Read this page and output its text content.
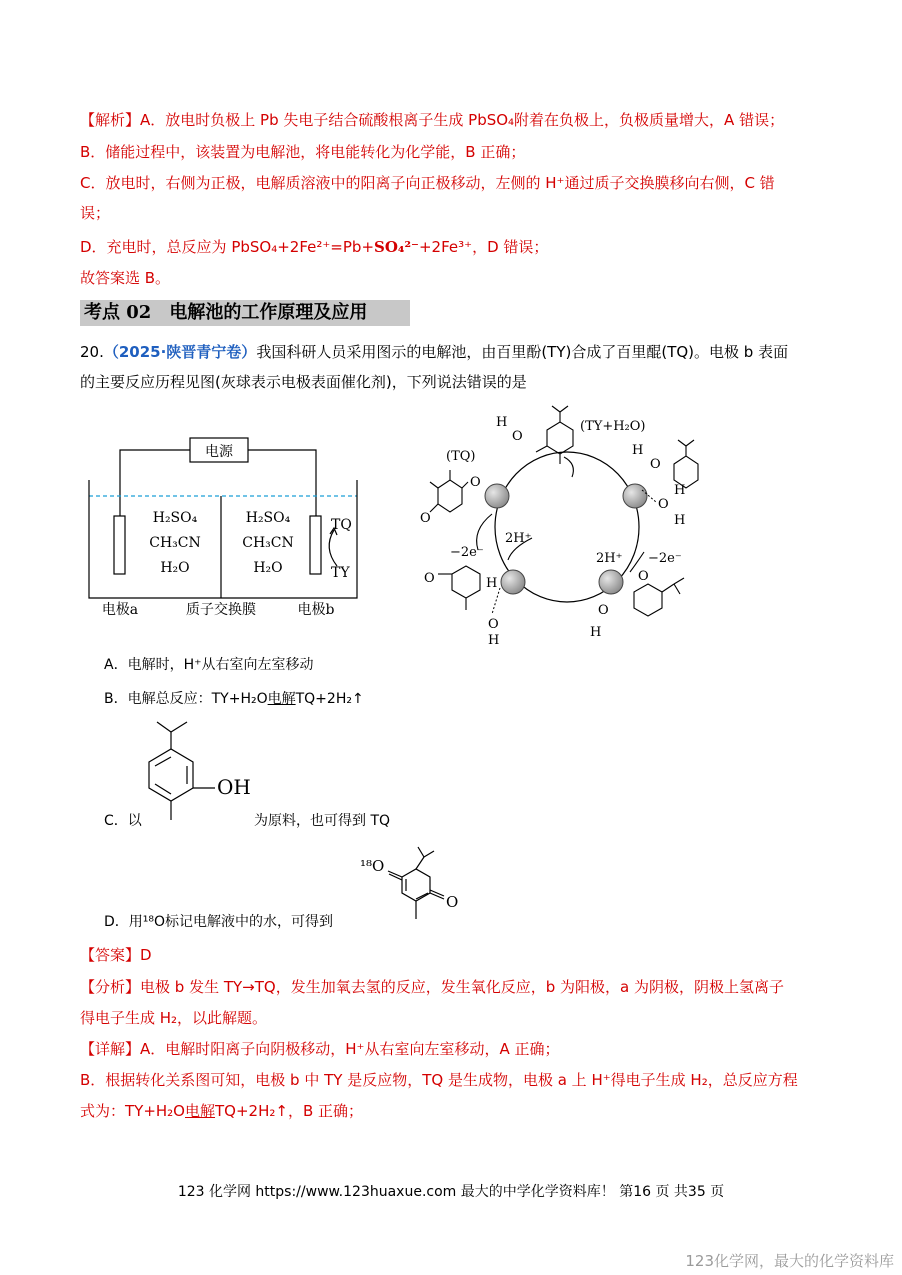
【解析】A．放电时负极上 Pb 失电子结合硫酸根离子生成 PbSO₄附着在负极上，负极质量增大，A 错误；
B．储能过程中，该装置为电解池，将电能转化为化学能，B 正确；
C．放电时，右侧为正极，电解质溶液中的阳离子向正极移动，左侧的 H⁺通过质子交换膜移向右侧，C 错
误；
D．充电时，总反应为 PbSO₄+2Fe²⁺=Pb+SO₄²⁻+2Fe³⁺，D 错误；
故答案选 B。
考点 02　电解池的工作原理及应用
20.（2025·陕晋青宁卷）我国科研人员采用图示的电解池，由百里酚(TY)合成了百里醌(TQ)。电极 b 表面
的主要反应历程见图(灰球表示电极表面催化剂)，下列说法错误的是
电源
H₂SO₄
CH₃CN
H₂O
H₂SO₄
CH₃CN
H₂O
TQ
TY
电极a	质子交换膜	电极b
H
O
(TY+H₂O)
(TQ)
O
O
−2e⁻
2H⁺
H
O
H
O
H
2H⁺ −2e⁻
O	H
O
H
O
O
H
A．电解时，H⁺从右室向左室移动
B．电解总反应：TY+H₂O电解TQ+2H₂↑
OH
C．以	为原料，也可得到 TQ
¹⁸O
O
D．用¹⁸O标记电解液中的水，可得到
【答案】D
【分析】电极 b 发生 TY→TQ，发生加氧去氢的反应，发生氧化反应，b 为阳极，a 为阴极，阴极上氢离子
得电子生成 H₂，以此解题。
【详解】A．电解时阳离子向阴极移动，H⁺从右室向左室移动，A 正确；
B．根据转化关系图可知，电极 b 中 TY 是反应物，TQ 是生成物，电极 a 上 H⁺得电子生成 H₂，总反应方程
式为：TY+H₂O电解TQ+2H₂↑，B 正确；
123 化学网 https://www.123huaxue.com 最大的中学化学资料库！ 第16 页 共35 页
123化学网，最大的化学资料库
